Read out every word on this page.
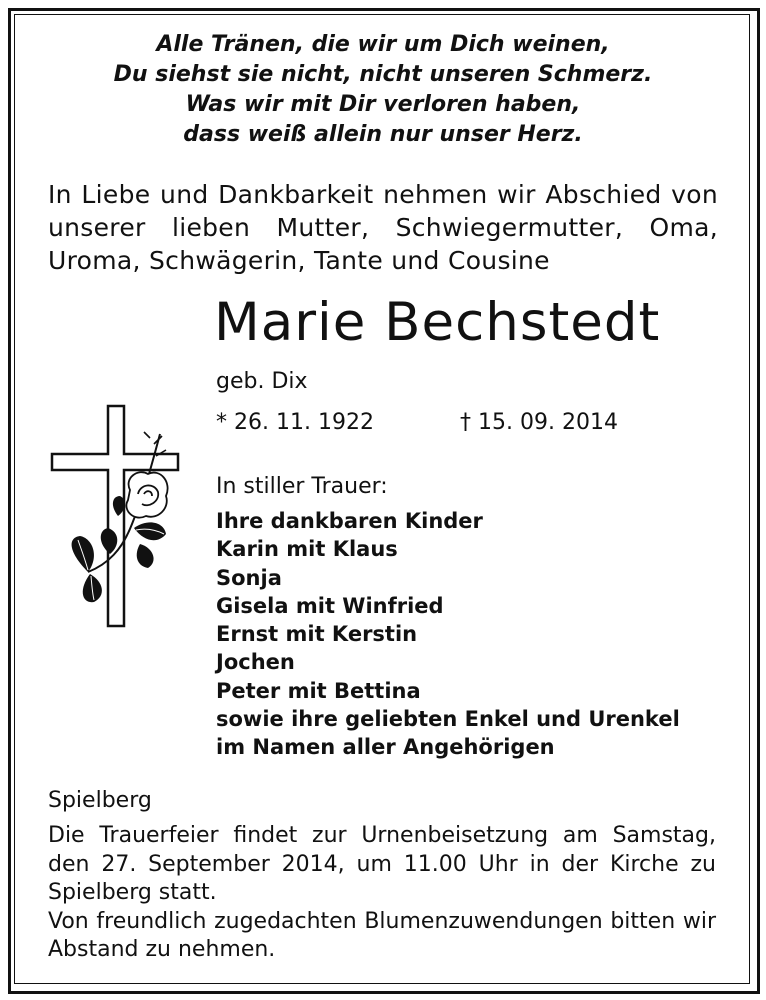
Alle Tränen, die wir um Dich weinen,
Du siehst sie nicht, nicht unseren Schmerz.
Was wir mit Dir verloren haben,
dass weiß allein nur unser Herz.
In Liebe und Dankbarkeit nehmen wir Abschied von unserer lieben Mutter, Schwiegermutter, Oma, Uroma, Schwägerin, Tante und Cousine
Marie Bechstedt
geb. Dix
* 26. 11. 1922	† 15. 09. 2014
In stiller Trauer:
Ihre dankbaren Kinder
Karin mit Klaus
Sonja
Gisela mit Winfried
Ernst mit Kerstin
Jochen
Peter mit Bettina
sowie ihre geliebten Enkel und Urenkel
im Namen aller Angehörigen
Spielberg

Die Trauerfeier findet zur Urnenbeisetzung am Samstag, den 27. September 2014, um 11.00 Uhr in der Kirche zu Spielberg statt.

Von freundlich zugedachten Blumenzuwendungen bitten wir Abstand zu nehmen.
